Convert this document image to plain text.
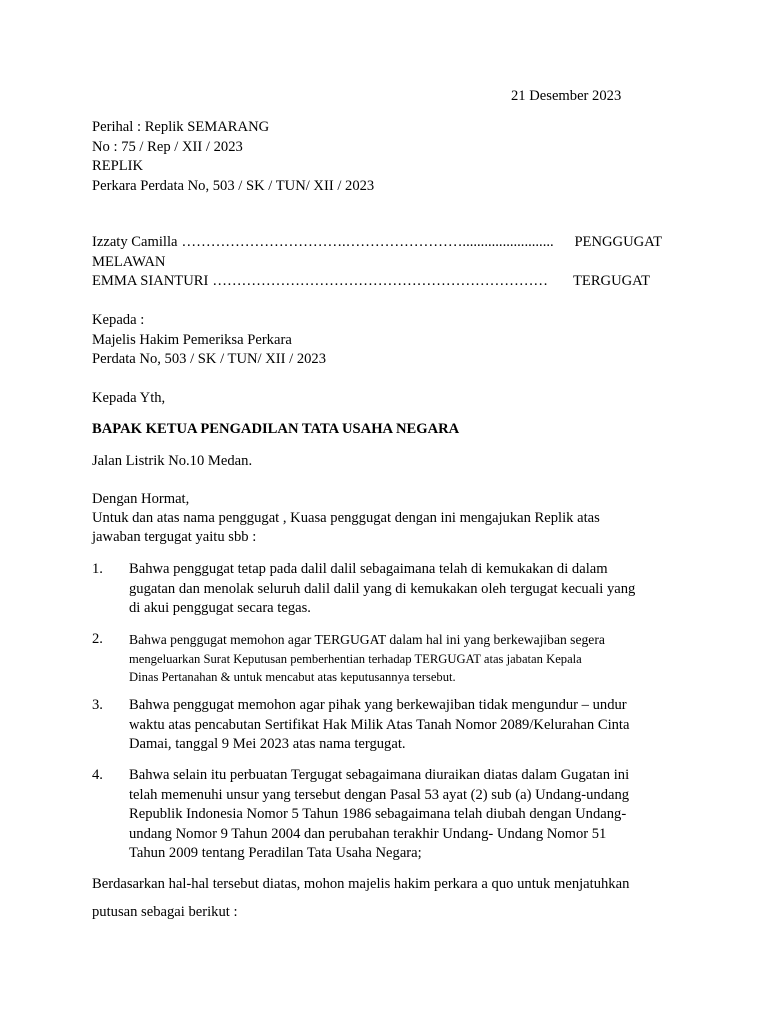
21 Desember 2023
Perihal : Replik SEMARANG
No : 75 / Rep / XII / 2023
REPLIK
Perkara Perdata No, 503 / SK / TUN/ XII / 2023
Izzaty Camilla …………………………….…………………….........................	PENGGUGAT
MELAWAN
EMMA SIANTURI ……………………………………………………………	TERGUGAT
Kepada :
Majelis Hakim Pemeriksa Perkara
Perdata No, 503 / SK / TUN/ XII / 2023
Kepada Yth,
BAPAK KETUA PENGADILAN TATA USAHA NEGARA
Jalan Listrik No.10 Medan.
Dengan Hormat,
Untuk dan atas nama penggugat , Kuasa penggugat dengan ini mengajukan Replik atas
jawaban tergugat yaitu sbb :
1. Bahwa penggugat tetap pada dalil dalil sebagaimana telah di kemukakan di dalam
gugatan dan menolak seluruh dalil dalil yang di kemukakan oleh tergugat kecuali yang
di akui penggugat secara tegas.
2. Bahwa penggugat memohon agar TERGUGAT dalam hal ini yang berkewajiban segera
mengeluarkan Surat Keputusan pemberhentian terhadap TERGUGAT atas jabatan Kepala
Dinas Pertanahan & untuk mencabut atas keputusannya tersebut.
3. Bahwa penggugat memohon agar pihak yang berkewajiban tidak mengundur – undur
waktu atas pencabutan Sertifikat Hak Milik Atas Tanah Nomor 2089/Kelurahan Cinta
Damai, tanggal 9 Mei 2023 atas nama tergugat.
4. Bahwa selain itu perbuatan Tergugat sebagaimana diuraikan diatas dalam Gugatan ini
telah memenuhi unsur yang tersebut dengan Pasal 53 ayat (2) sub (a) Undang-undang
Republik Indonesia Nomor 5 Tahun 1986 sebagaimana telah diubah dengan Undang-
undang Nomor 9 Tahun 2004 dan perubahan terakhir Undang- Undang Nomor 51
Tahun 2009 tentang Peradilan Tata Usaha Negara;
Berdasarkan hal-hal tersebut diatas, mohon majelis hakim perkara a quo untuk menjatuhkan
putusan sebagai berikut :
